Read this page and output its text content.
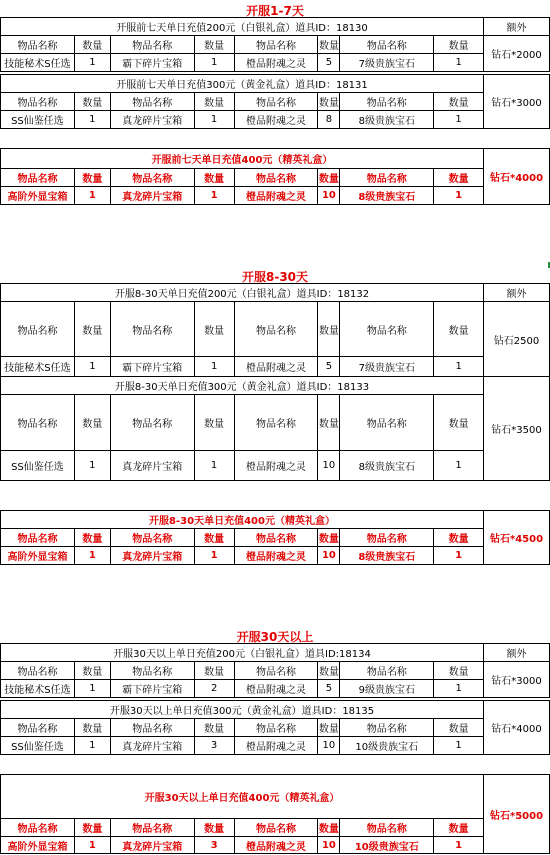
开服1-7天
开服前七天单日充值200元（白银礼盒）道具ID：18130								额外
物品名称	数量	物品名称	数量	物品名称	数量	物品名称	数量	钻石*2000
技能秘术S任选	1	霸下碎片宝箱	1	橙品附魂之灵	5	7级贵族宝石	1	
开服前七天单日充值300元（黄金礼盒）道具ID：18131								钻石*3000
物品名称	数量	物品名称	数量	物品名称	数量	物品名称	数量	
SS仙鉴任选	1	真龙碎片宝箱	1	橙品附魂之灵	8	8级贵族宝石	1	
开服前七天单日充值400元（精英礼盒）								钻石*4000
物品名称	数量	物品名称	数量	物品名称	数量	物品名称	数量	
高阶外显宝箱	1	真龙碎片宝箱	1	橙品附魂之灵	10	8级贵族宝石	1	
开服8-30天
开服8-30天单日充值200元（白银礼盒）道具ID：18132								额外
物品名称	数量	物品名称	数量	物品名称	数量	物品名称	数量	钻石2500
技能秘术S任选	1	霸下碎片宝箱	1	橙品附魂之灵	5	7级贵族宝石	1	
开服8-30天单日充值300元（黄金礼盒）道具ID：18133								钻石*3500
物品名称	数量	物品名称	数量	物品名称	数量	物品名称	数量	
SS仙鉴任选	1	真龙碎片宝箱	1	橙品附魂之灵	10	8级贵族宝石	1	
开服8-30天单日充值400元（精英礼盒）								钻石*4500
物品名称	数量	物品名称	数量	物品名称	数量	物品名称	数量	
高阶外显宝箱	1	真龙碎片宝箱	1	橙品附魂之灵	10	8级贵族宝石	1	
开服30天以上
开服30天以上单日充值200元（白银礼盒）道具ID:18134								额外
物品名称	数量	物品名称	数量	物品名称	数量	物品名称	数量	钻石*3000
技能秘术S任选	1	霸下碎片宝箱	2	橙品附魂之灵	5	9级贵族宝石	1	
开服30天以上单日充值300元（黄金礼盒）道具ID：18135								钻石*4000
物品名称	数量	物品名称	数量	物品名称	数量	物品名称	数量	
SS仙鉴任选	1	真龙碎片宝箱	3	橙品附魂之灵	10	10级贵族宝石	1	
开服30天以上单日充值400元（精英礼盒）								钻石*5000
物品名称	数量	物品名称	数量	物品名称	数量	物品名称	数量	
高阶外显宝箱	1	真龙碎片宝箱	3	橙品附魂之灵	10	10级贵族宝石	1	
